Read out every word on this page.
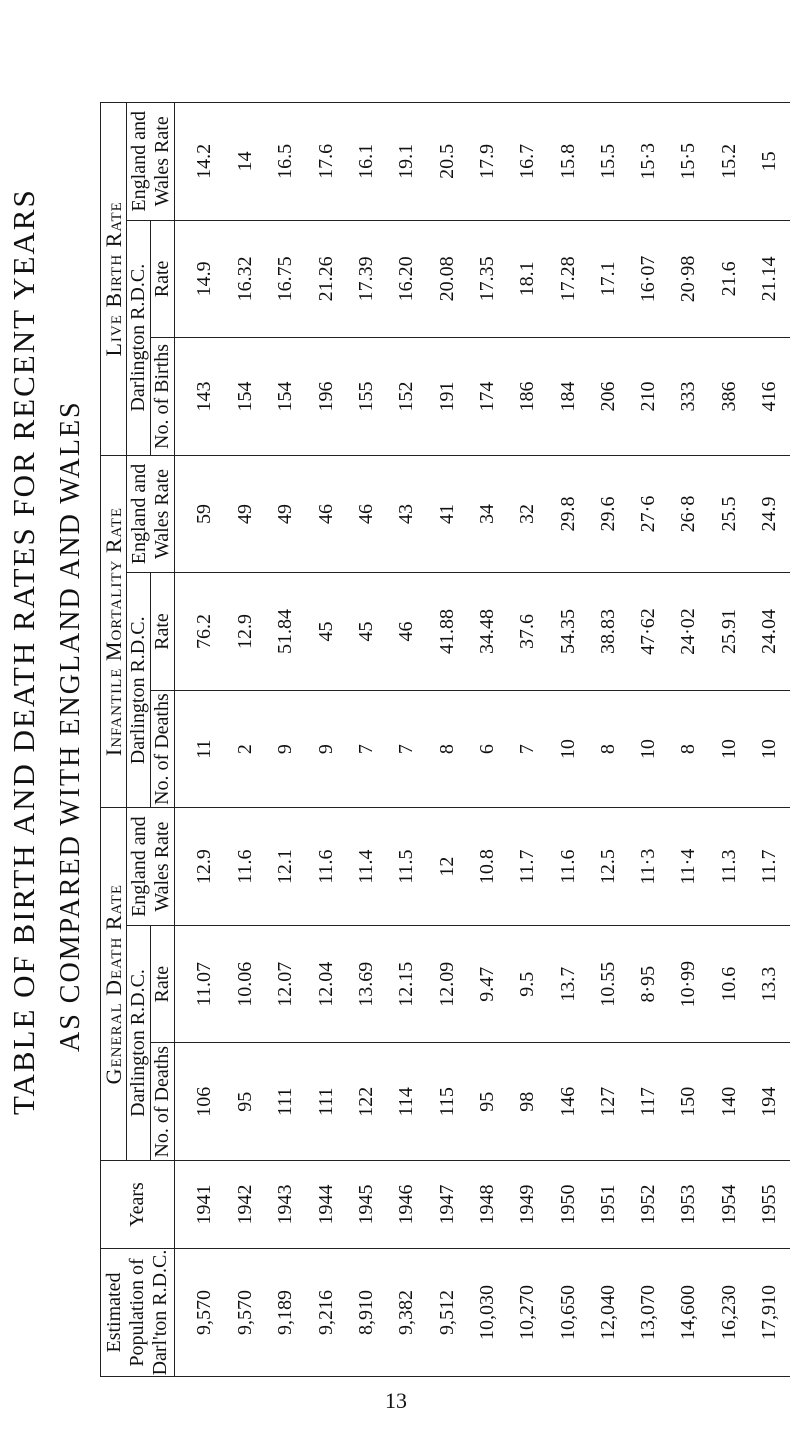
TABLE OF BIRTH AND DEATH RATES FOR RECENT YEARS AS COMPARED WITH ENGLAND AND WALES
Estimated Population of Darl'ton R.D.C.	Years	General Death Rate			Infantile Mortality Rate			Live Birth Rate		
		Darlington R.D.C.		England and Wales Rate	Darlington R.D.C.		England and Wales Rate	Darlington R.D.C.		England and Wales Rate
		No. of Deaths	Rate		No. of Deaths	Rate		No. of Births	Rate	
9,570	1941	106	11.07	12.9	11	76.2	59	143	14.9	14.2
9,570	1942	95	10.06	11.6	2	12.9	49	154	16.32	14
9,189	1943	111	12.07	12.1	9	51.84	49	154	16.75	16.5
9,216	1944	111	12.04	11.6	9	45	46	196	21.26	17.6
8,910	1945	122	13.69	11.4	7	45	46	155	17.39	16.1
9,382	1946	114	12.15	11.5	7	46	43	152	16.20	19.1
9,512	1947	115	12.09	12	8	41.88	41	191	20.08	20.5
10,030	1948	95	9.47	10.8	6	34.48	34	174	17.35	17.9
10,270	1949	98	9.5	11.7	7	37.6	32	186	18.1	16.7
10,650	1950	146	13.7	11.6	10	54.35	29.8	184	17.28	15.8
12,040	1951	127	10.55	12.5	8	38.83	29.6	206	17.1	15.5
13,070	1952	117	8·95	11·3	10	47·62	27·6	210	16·07	15·3
14,600	1953	150	10·99	11·4	8	24·02	26·8	333	20·98	15·5
16,230	1954	140	10.6	11.3	10	25.91	25.5	386	21.6	15.2
17,910	1955	194	13.3	11.7	10	24.04	24.9	416	21.14	15
13
